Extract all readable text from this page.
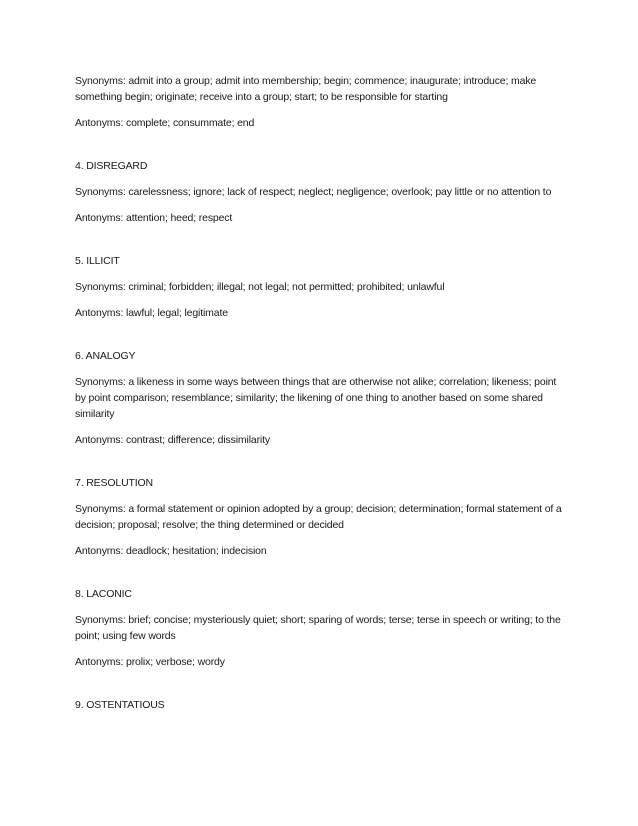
Synonyms: admit into a group; admit into membership; begin; commence; inaugurate; introduce; make something begin; originate; receive into a group; start; to be responsible for starting

Antonyms: complete; consummate; end

4. DISREGARD

Synonyms: carelessness; ignore; lack of respect; neglect; negligence; overlook; pay little or no attention to

Antonyms: attention; heed; respect

5. ILLICIT

Synonyms: criminal; forbidden; illegal; not legal; not permitted; prohibited; unlawful

Antonyms: lawful; legal; legitimate

6. ANALOGY

Synonyms: a likeness in some ways between things that are otherwise not alike; correlation; likeness; point by point comparison; resemblance; similarity; the likening of one thing to another based on some shared similarity

Antonyms: contrast; difference; dissimilarity

7. RESOLUTION

Synonyms: a formal statement or opinion adopted by a group; decision; determination; formal statement of a decision; proposal; resolve; the thing determined or decided

Antonyms: deadlock; hesitation; indecision

8. LACONIC

Synonyms: brief; concise; mysteriously quiet; short; sparing of words; terse; terse in speech or writing; to the point; using few words

Antonyms: prolix; verbose; wordy

9. OSTENTATIOUS
